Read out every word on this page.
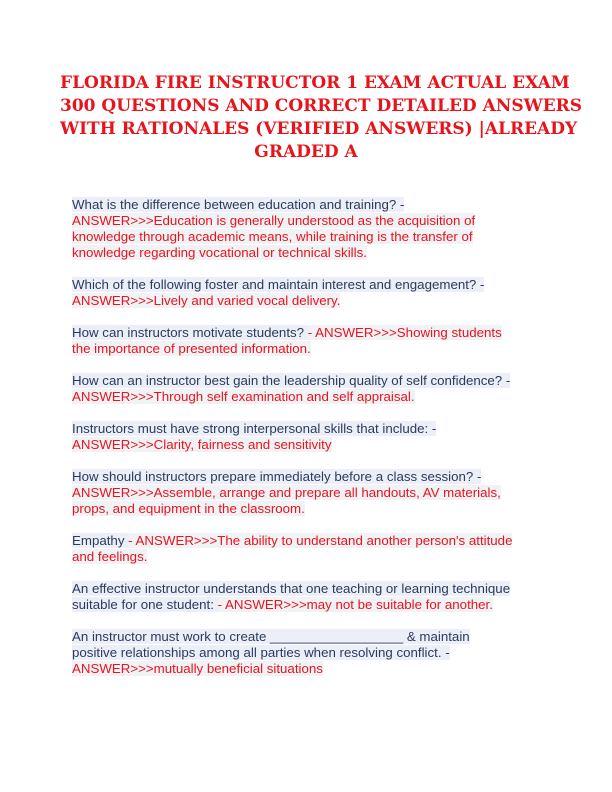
FLORIDA FIRE INSTRUCTOR 1 EXAM ACTUAL EXAM
300 QUESTIONS AND CORRECT DETAILED ANSWERS
WITH RATIONALES (VERIFIED ANSWERS) |ALREADY
GRADED A
What is the difference between education and training? -
ANSWER>>>Education is generally understood as the acquisition of
knowledge through academic means, while training is the transfer of
knowledge regarding vocational or technical skills.
Which of the following foster and maintain interest and engagement? -
ANSWER>>>Lively and varied vocal delivery.
How can instructors motivate students? - ANSWER>>>Showing students
the importance of presented information.
How can an instructor best gain the leadership quality of self confidence? -
ANSWER>>>Through self examination and self appraisal.
Instructors must have strong interpersonal skills that include: -
ANSWER>>>Clarity, fairness and sensitivity
How should instructors prepare immediately before a class session? -
ANSWER>>>Assemble, arrange and prepare all handouts, AV materials,
props, and equipment in the classroom.
Empathy - ANSWER>>>The ability to understand another person's attitude
and feelings.
An effective instructor understands that one teaching or learning technique
suitable for one student: - ANSWER>>>may not be suitable for another.
An instructor must work to create __________________ & maintain
positive relationships among all parties when resolving conflict. -
ANSWER>>>mutually beneficial situations
